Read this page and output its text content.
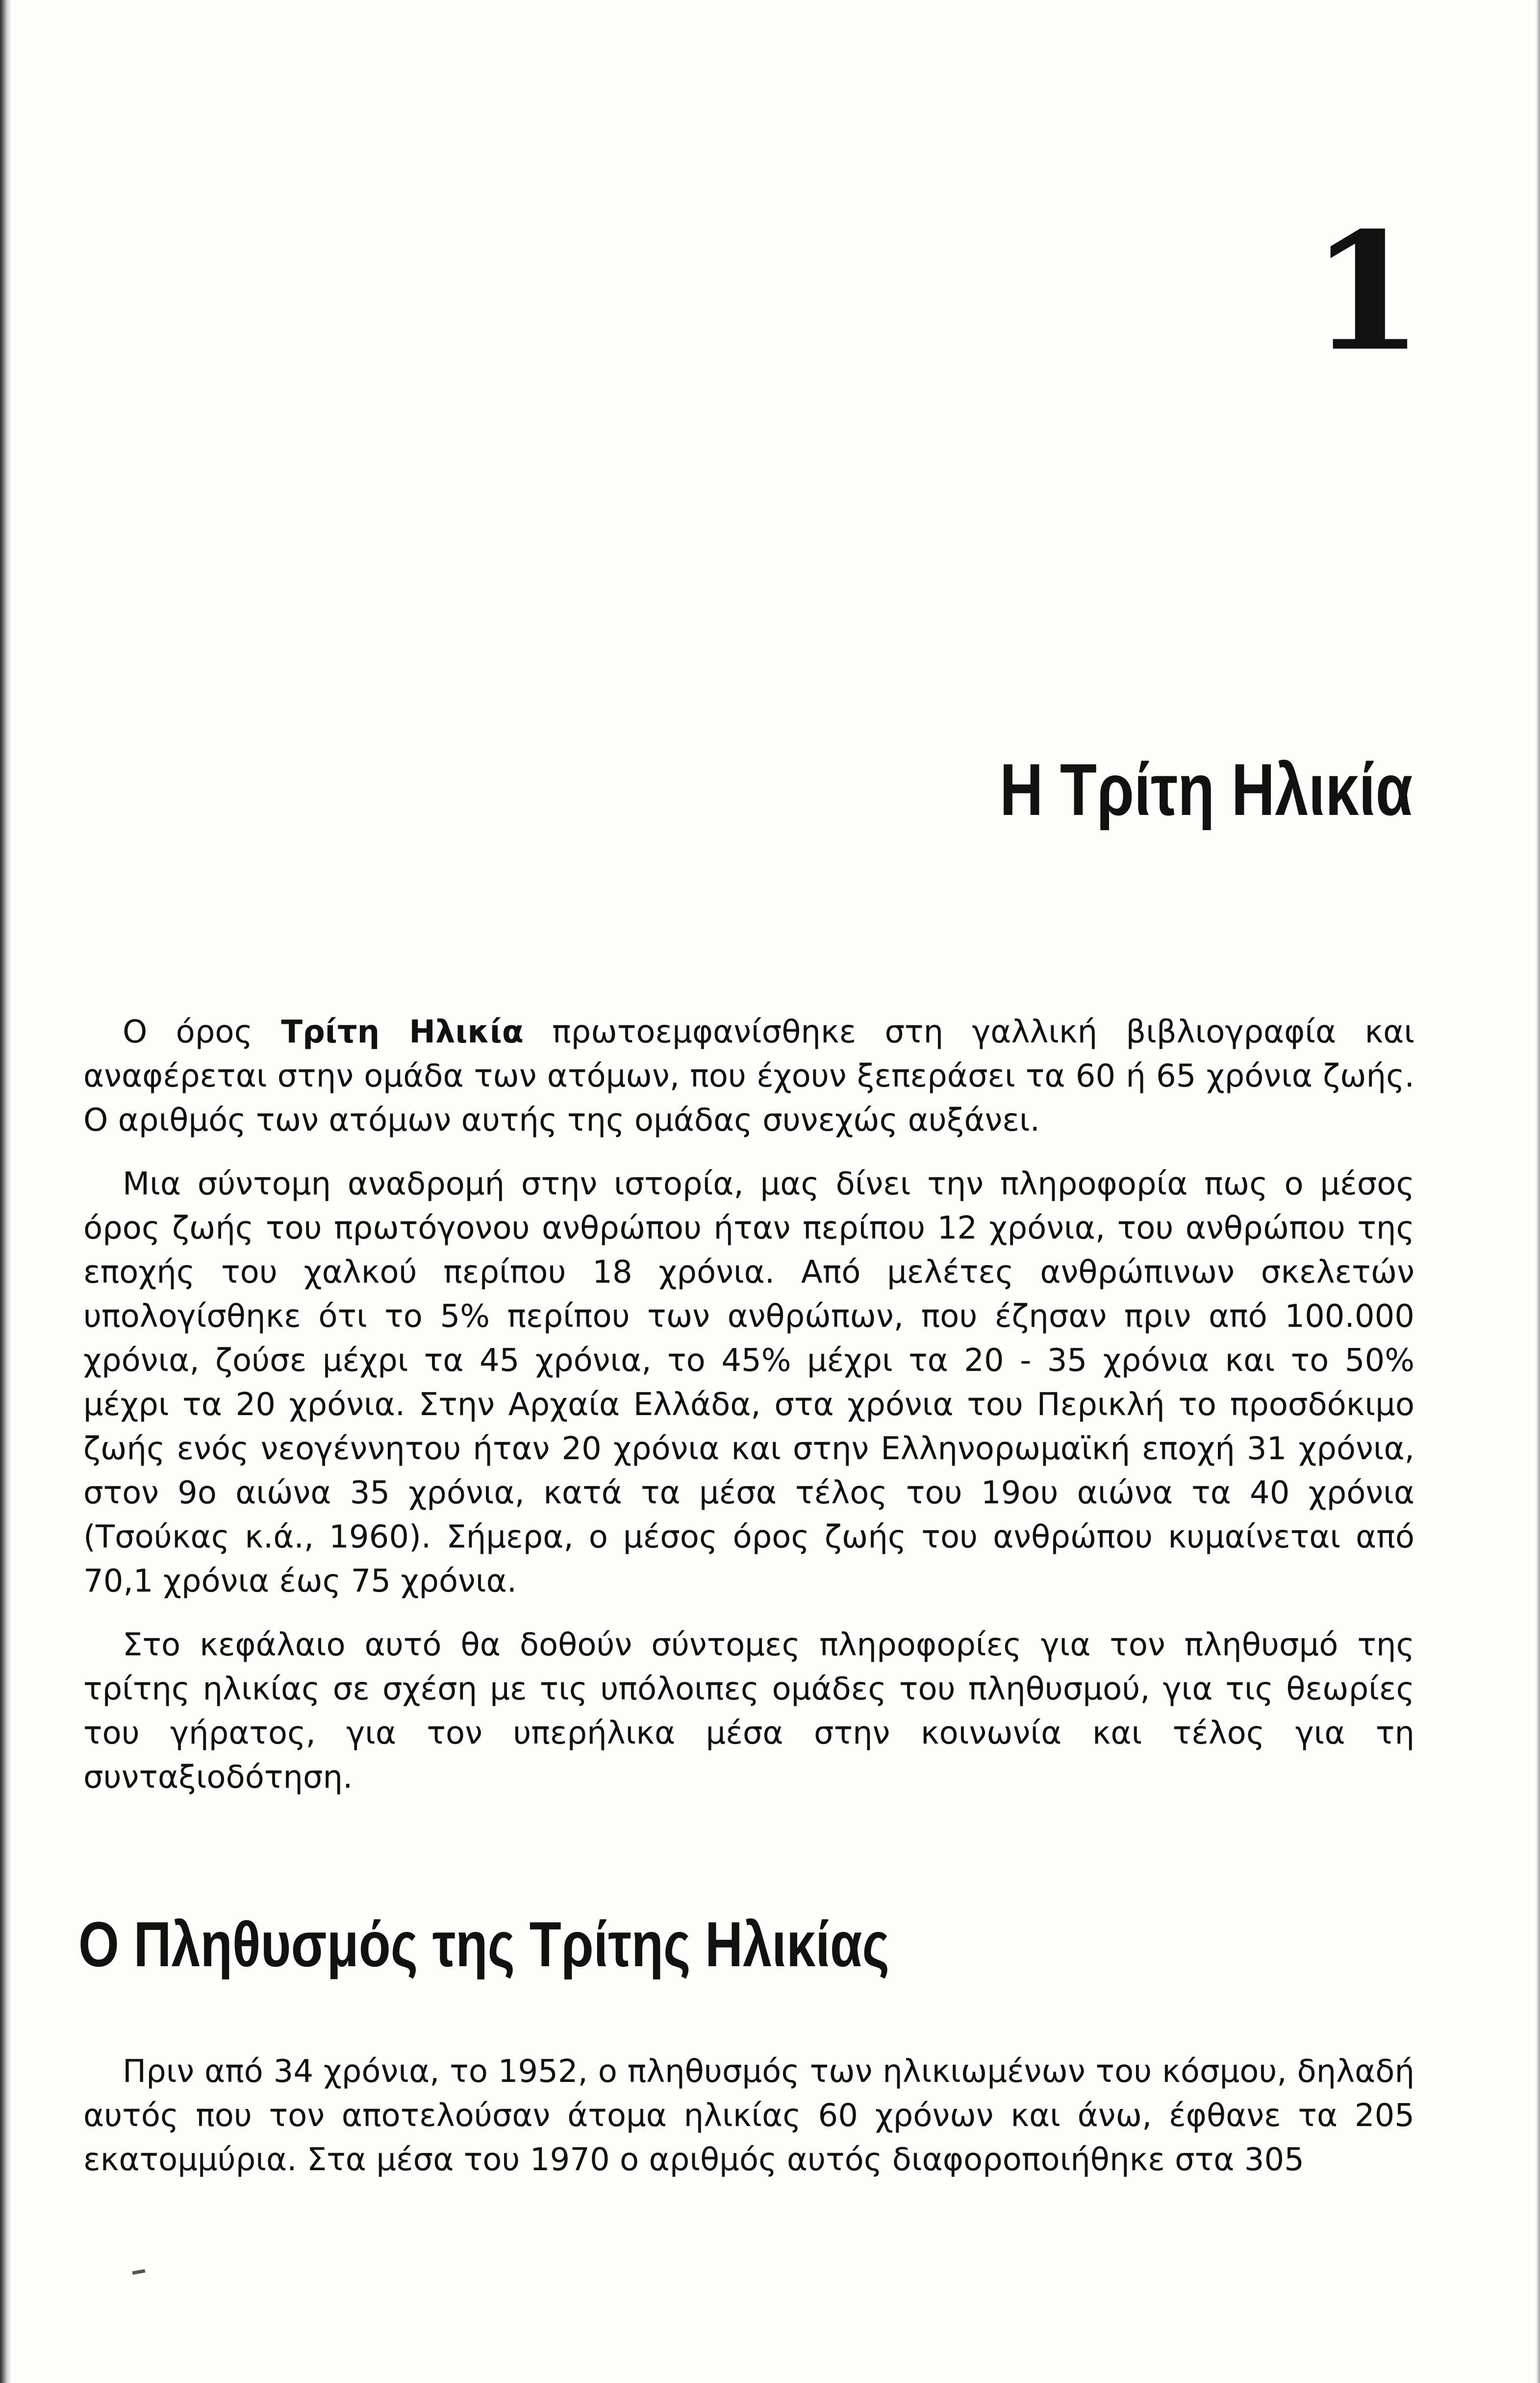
1
Η Τρίτη Ηλικία

Ο όρος Τρίτη Ηλικία πρωτοεμφανίσθηκε στη γαλλική βιβλιογραφία και αναφέρεται στην ομάδα των ατόμων, που έχουν ξεπεράσει τα 60 ή 65 χρόνια ζωής. Ο αριθμός των ατόμων αυτής της ομάδας συνεχώς αυξάνει.

Μια σύντομη αναδρομή στην ιστορία, μας δίνει την πληροφορία πως ο μέσος όρος ζωής του πρωτόγονου ανθρώπου ήταν περίπου 12 χρόνια, του ανθρώπου της εποχής του χαλκού περίπου 18 χρόνια. Από μελέτες ανθρώπινων σκελετών υπολογίσθηκε ότι το 5% περίπου των ανθρώπων, που έζησαν πριν από 100.000 χρόνια, ζούσε μέχρι τα 45 χρόνια, το 45% μέχρι τα 20 - 35 χρόνια και το 50% μέχρι τα 20 χρόνια. Στην Αρχαία Ελλάδα, στα χρόνια του Περικλή το προσδόκιμο ζωής ενός νεογέννητου ήταν 20 χρόνια και στην Ελληνορωμαϊκή εποχή 31 χρόνια, στον 9ο αιώνα 35 χρόνια, κατά τα μέσα τέλος του 19ου αιώνα τα 40 χρόνια (Τσούκας κ.ά., 1960). Σήμερα, ο μέσος όρος ζωής του ανθρώπου κυμαίνεται από 70,1 χρόνια έως 75 χρόνια.

Στο κεφάλαιο αυτό θα δοθούν σύντομες πληροφορίες για τον πληθυσμό της τρίτης ηλικίας σε σχέση με τις υπόλοιπες ομάδες του πληθυσμού, για τις θεωρίες του γήρατος, για τον υπερήλικα μέσα στην κοινωνία και τέλος για τη συνταξιοδότηση.

Ο Πληθυσμός της Τρίτης Ηλικίας

Πριν από 34 χρόνια, το 1952, ο πληθυσμός των ηλικιωμένων του κόσμου, δηλαδή αυτός που τον αποτελούσαν άτομα ηλικίας 60 χρόνων και άνω, έφθανε τα 205 εκατομμύρια. Στα μέσα του 1970 ο αριθμός αυτός διαφοροποιήθηκε στα 305
